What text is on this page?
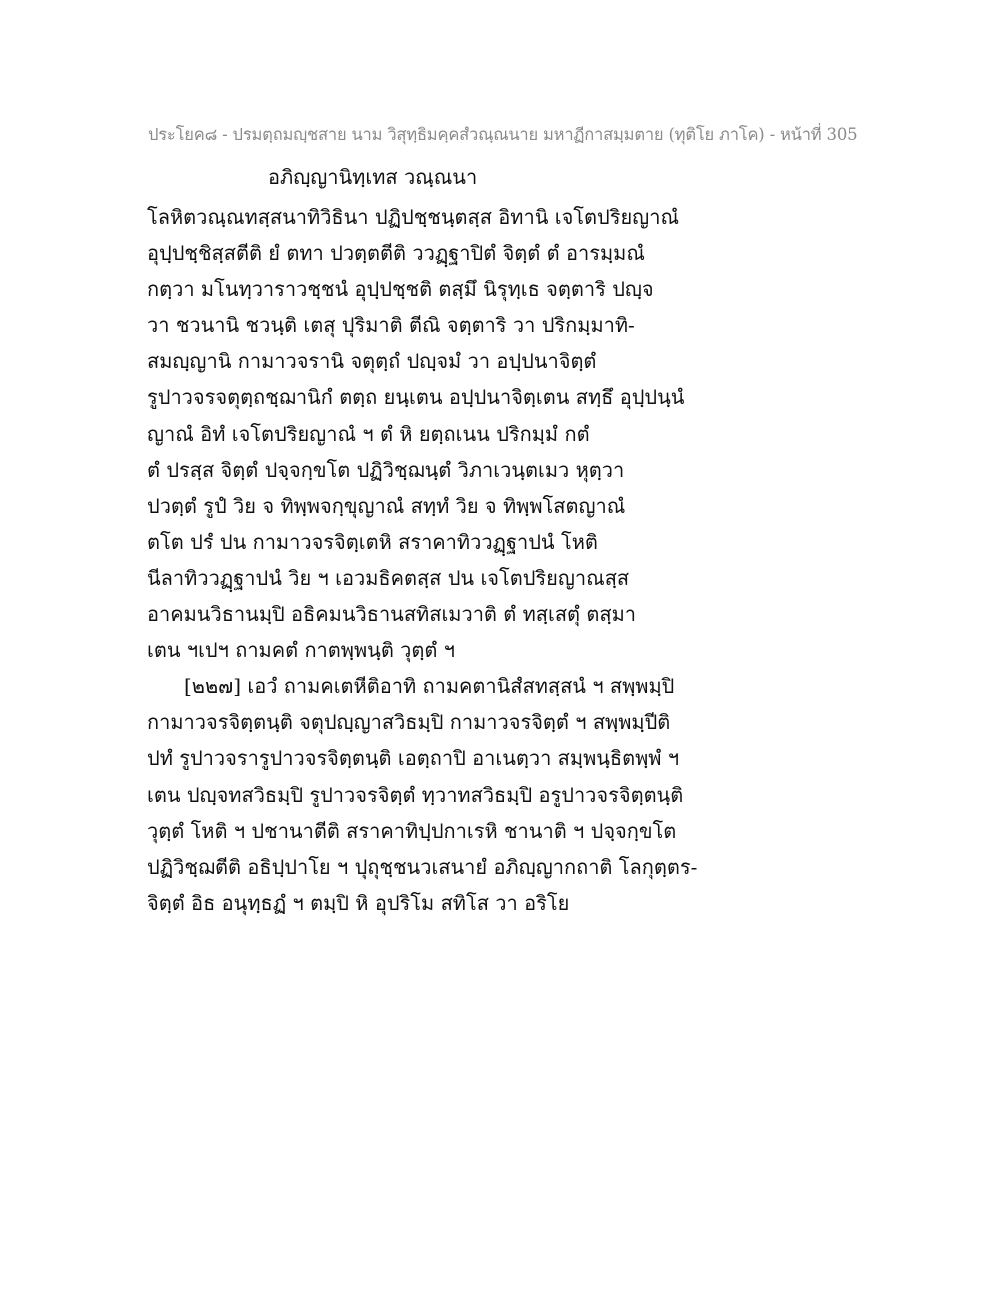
ประโยค๘ - ปรมตฺถมญฺชสาย นาม วิสุทฺธิมคฺคสํวณฺณนาย มหาฏีกาสมฺมตาย (ทุติโย ภาโค) - หน้าที่ 305
อภิญฺญานิทฺเทส วณฺณนา
โลหิตวณฺณทสฺสนาทิวิธินา ปฏิปชฺชนฺตสฺส อิทานิ เจโตปริยญาณํ
อุปฺปชฺชิสฺสตีติ ยํ ตทา ปวตฺตตีติ ววฏฺฐาปิตํ จิตฺตํ ตํ อารมฺมณํ
กตฺวา มโนทฺวาราวชฺชนํ อุปฺปชฺชติ ตสฺมึ นิรุทฺเธ จตฺตาริ ปญฺจ
วา ชวนานิ ชวนฺติ เตสุ ปุริมาติ ตีณิ จตฺตาริ วา ปริกมฺมาทิ-
สมญฺญานิ กามาวจรานิ จตุตฺถํ ปญฺจมํ วา อปฺปนาจิตฺตํ
รูปาวจรจตุตฺถชฺฌานิกํ ตตฺถ ยนฺเตน อปฺปนาจิตฺเตน สทฺธึ อุปฺปนฺนํ
ญาณํ อิทํ เจโตปริยญาณํ ฯ ตํ หิ ยตฺถเนน ปริกมฺมํ กตํ
ตํ ปรสฺส จิตฺตํ ปจฺจกฺขโต ปฏิวิชฺฌนฺตํ วิภาเวนฺตเมว หุตฺวา
ปวตฺตํ รูปํ วิย จ ทิพฺพจกฺขุญาณํ สทฺทํ วิย จ ทิพฺพโสตญาณํ
ตโต ปรํ ปน กามาวจรจิตฺเตหิ สราคาทิววฏฺฐาปนํ โหติ
นีลาทิววฏฺฐาปนํ วิย ฯ เอวมธิคตสฺส ปน เจโตปริยญาณสฺส
อาคมนวิธานมฺปิ อธิคมนวิธานสทิสเมวาติ ตํ ทสฺเสตุํ ตสฺมา
เตน ฯเปฯ ถามคตํ กาตพฺพนฺติ วุตฺตํ ฯ
[๒๒๗] เอวํ ถามคเตหีติอาทิ ถามคตานิสํสทสฺสนํ ฯ สพฺพมฺปิ
กามาวจรจิตฺตนฺติ จตุปญฺญาสวิธมฺปิ กามาวจรจิตฺตํ ฯ สพฺพมฺปีติ
ปทํ รูปาวจรารูปาวจรจิตฺตนฺติ เอตฺถาปิ อาเนตฺวา สมฺพนฺธิตพฺพํ ฯ
เตน ปญฺจทสวิธมฺปิ รูปาวจรจิตฺตํ ทฺวาทสวิธมฺปิ อรูปาวจรจิตฺตนฺติ
วุตฺตํ โหติ ฯ ปชานาตีติ สราคาทิปฺปกาเรหิ ชานาติ ฯ ปจฺจกฺขโต
ปฏิวิชฺฌตีติ อธิปฺปาโย ฯ ปุถุชฺชนวเสนายํ อภิญฺญากถาติ โลกุตฺตร-
จิตฺตํ อิธ อนุทฺธฏํ ฯ ตมฺปิ หิ อุปริโม สทิโส วา อริโย
